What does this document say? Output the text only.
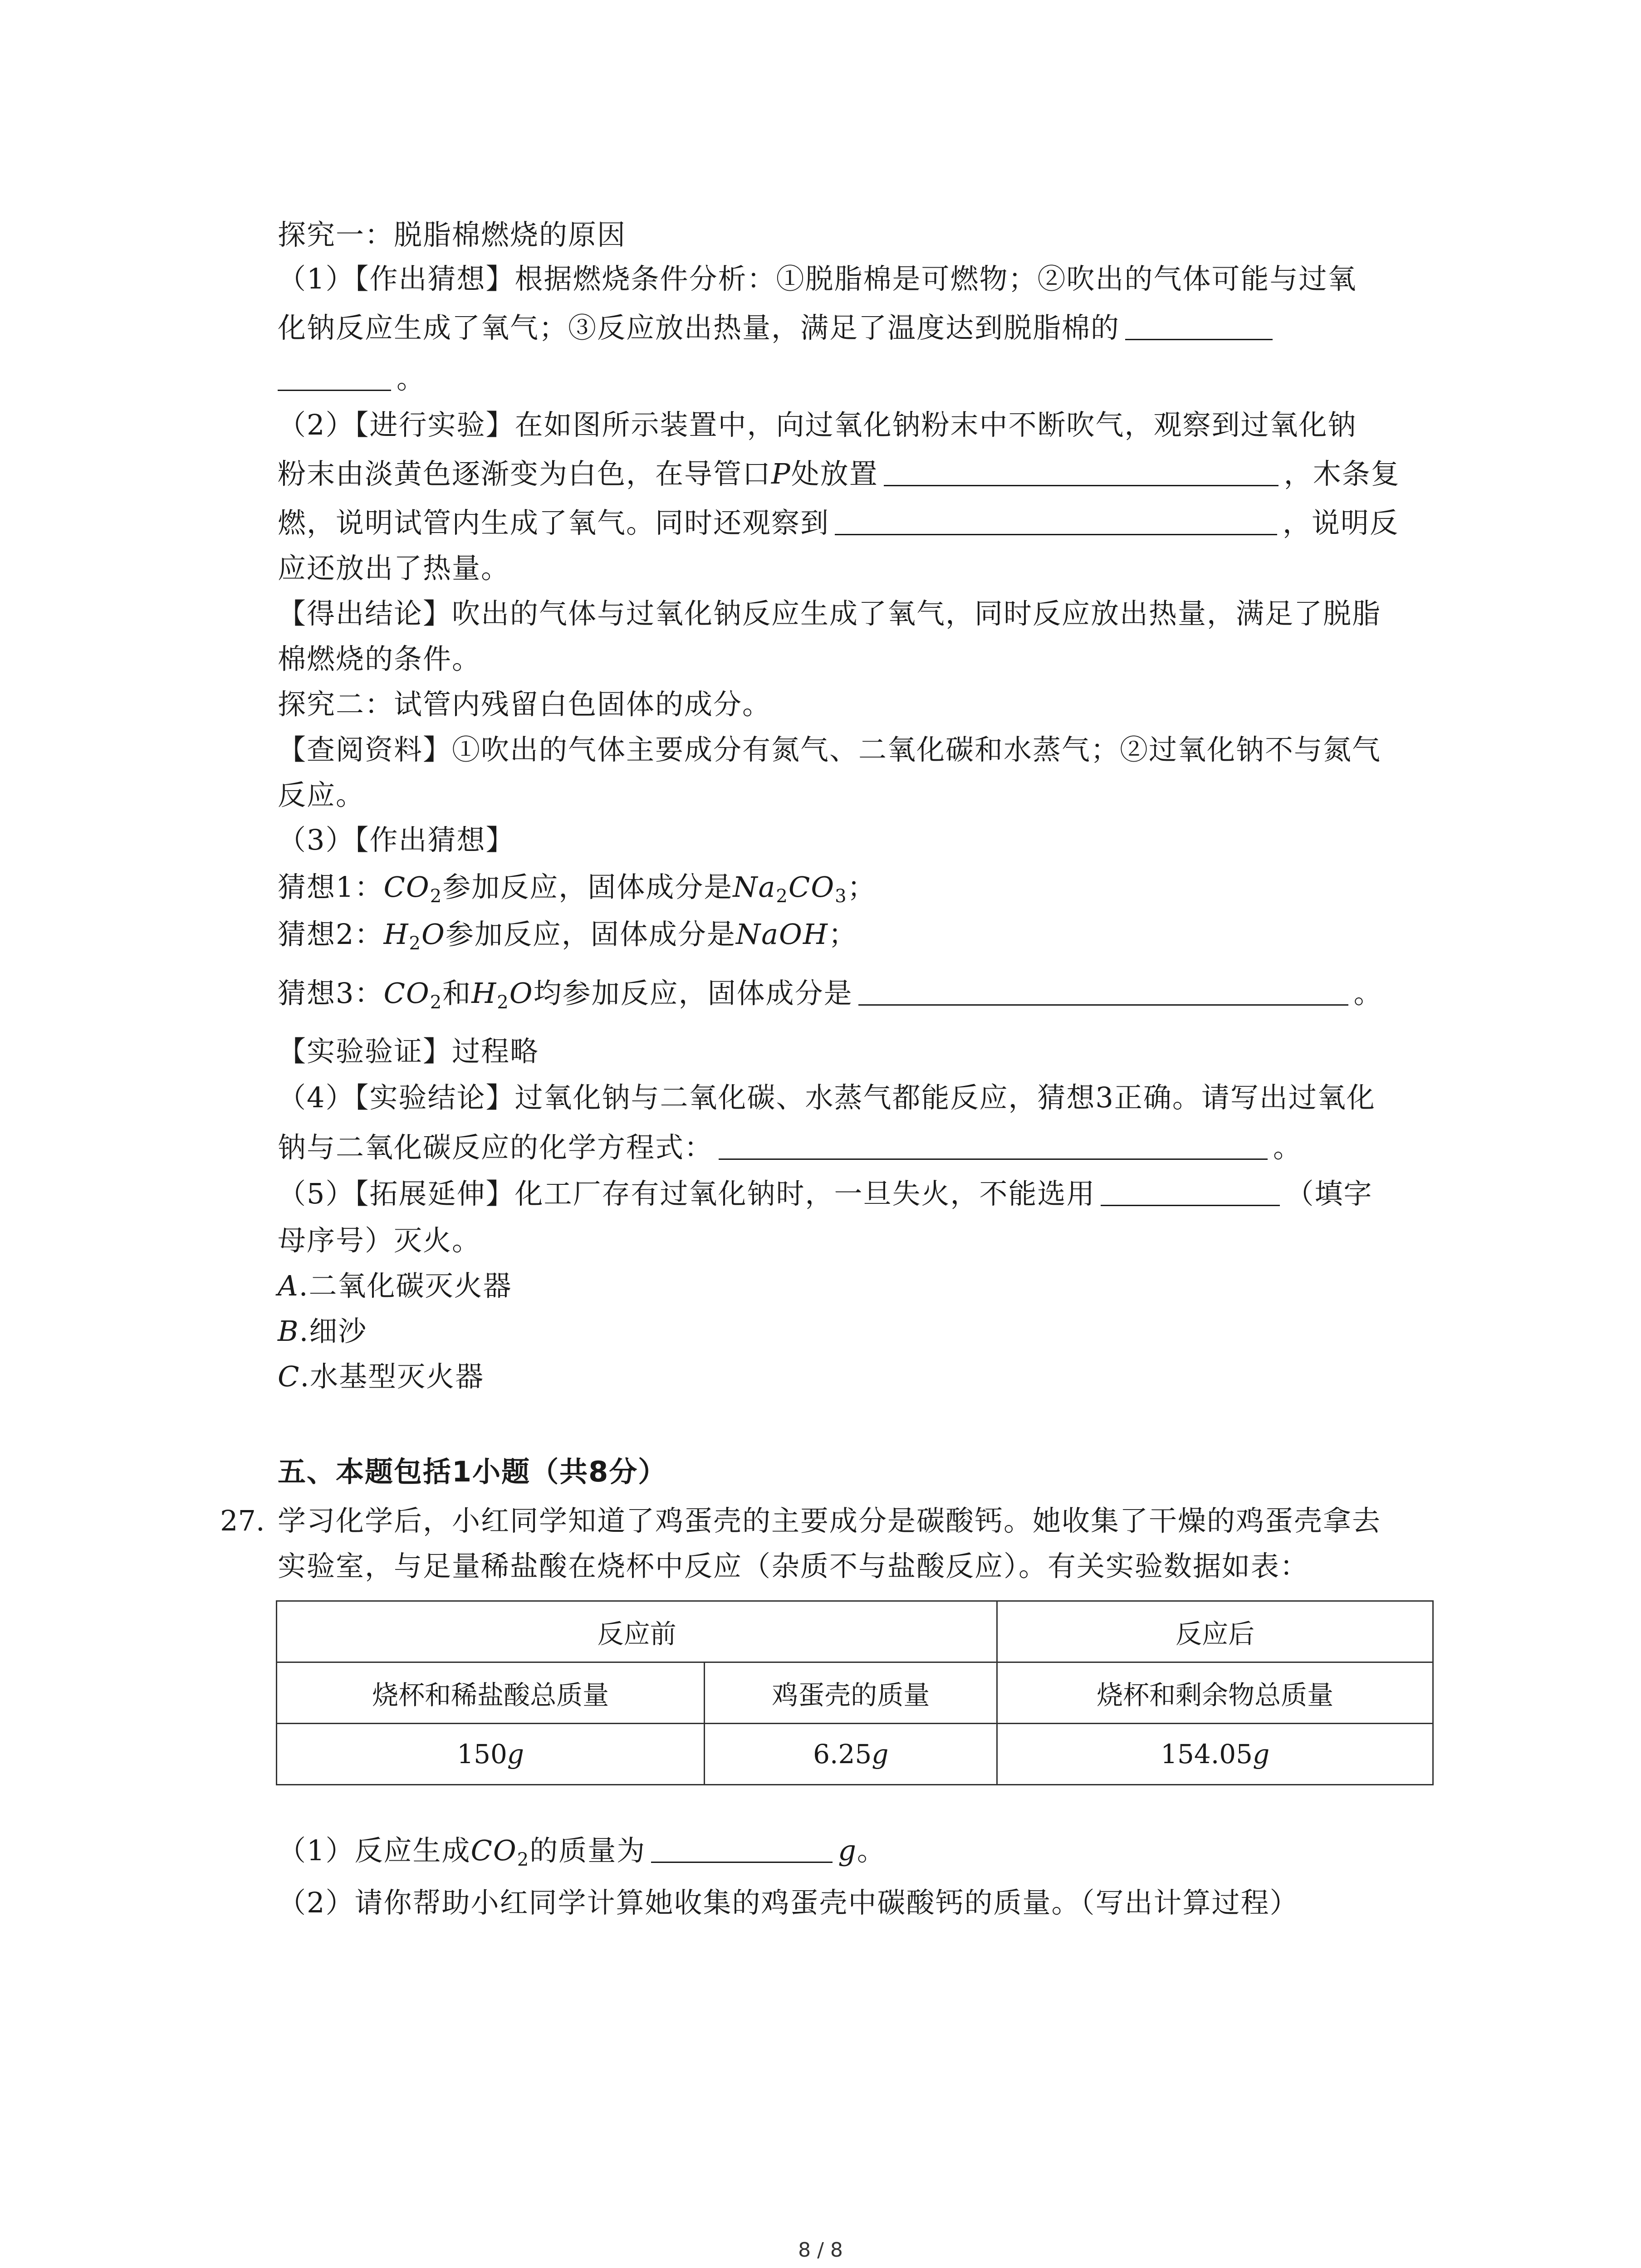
探究一：脱脂棉燃烧的原因
（1）【作出猜想】根据燃烧条件分析：①脱脂棉是可燃物；②吹出的气体可能与过氧
化钠反应生成了氧气；③反应放出热量，满足了温度达到脱脂棉的
。
（2）【进行实验】在如图所示装置中，向过氧化钠粉末中不断吹气，观察到过氧化钠
粉末由淡黄色逐渐变为白色，在导管口P处放置	，木条复
燃，说明试管内生成了氧气。同时还观察到	，说明反
应还放出了热量。
【得出结论】吹出的气体与过氧化钠反应生成了氧气，同时反应放出热量，满足了脱脂
棉燃烧的条件。
探究二：试管内残留白色固体的成分。
【查阅资料】①吹出的气体主要成分有氮气、二氧化碳和水蒸气；②过氧化钠不与氮气
反应。
（3）【作出猜想】
猜想1：$CO_2$参加反应，固体成分是$Na_2CO_3$；
猜想2：$H_2O$参加反应，固体成分是NaOH；
猜想3：$CO_2$和$H_2O$均参加反应，固体成分是	。
【实验验证】过程略
（4）【实验结论】过氧化钠与二氧化碳、水蒸气都能反应，猜想3正确。请写出过氧化
钠与二氧化碳反应的化学方程式：	。
（5）【拓展延伸】化工厂存有过氧化钠时，一旦失火，不能选用	（填字
母序号）灭火。
A.二氧化碳灭火器
B.细沙
C.水基型灭火器
五、本题包括1小题（共8分）
27. 学习化学后，小红同学知道了鸡蛋壳的主要成分是碳酸钙。她收集了干燥的鸡蛋壳拿去
实验室，与足量稀盐酸在烧杯中反应（杂质不与盐酸反应）。有关实验数据如表：
反应前		反应后
烧杯和稀盐酸总质量	鸡蛋壳的质量	烧杯和剩余物总质量
150g	6.25g	154.05g
（1）反应生成$CO_2$的质量为	g。
（2）请你帮助小红同学计算她收集的鸡蛋壳中碳酸钙的质量。（写出计算过程）
8 / 8
